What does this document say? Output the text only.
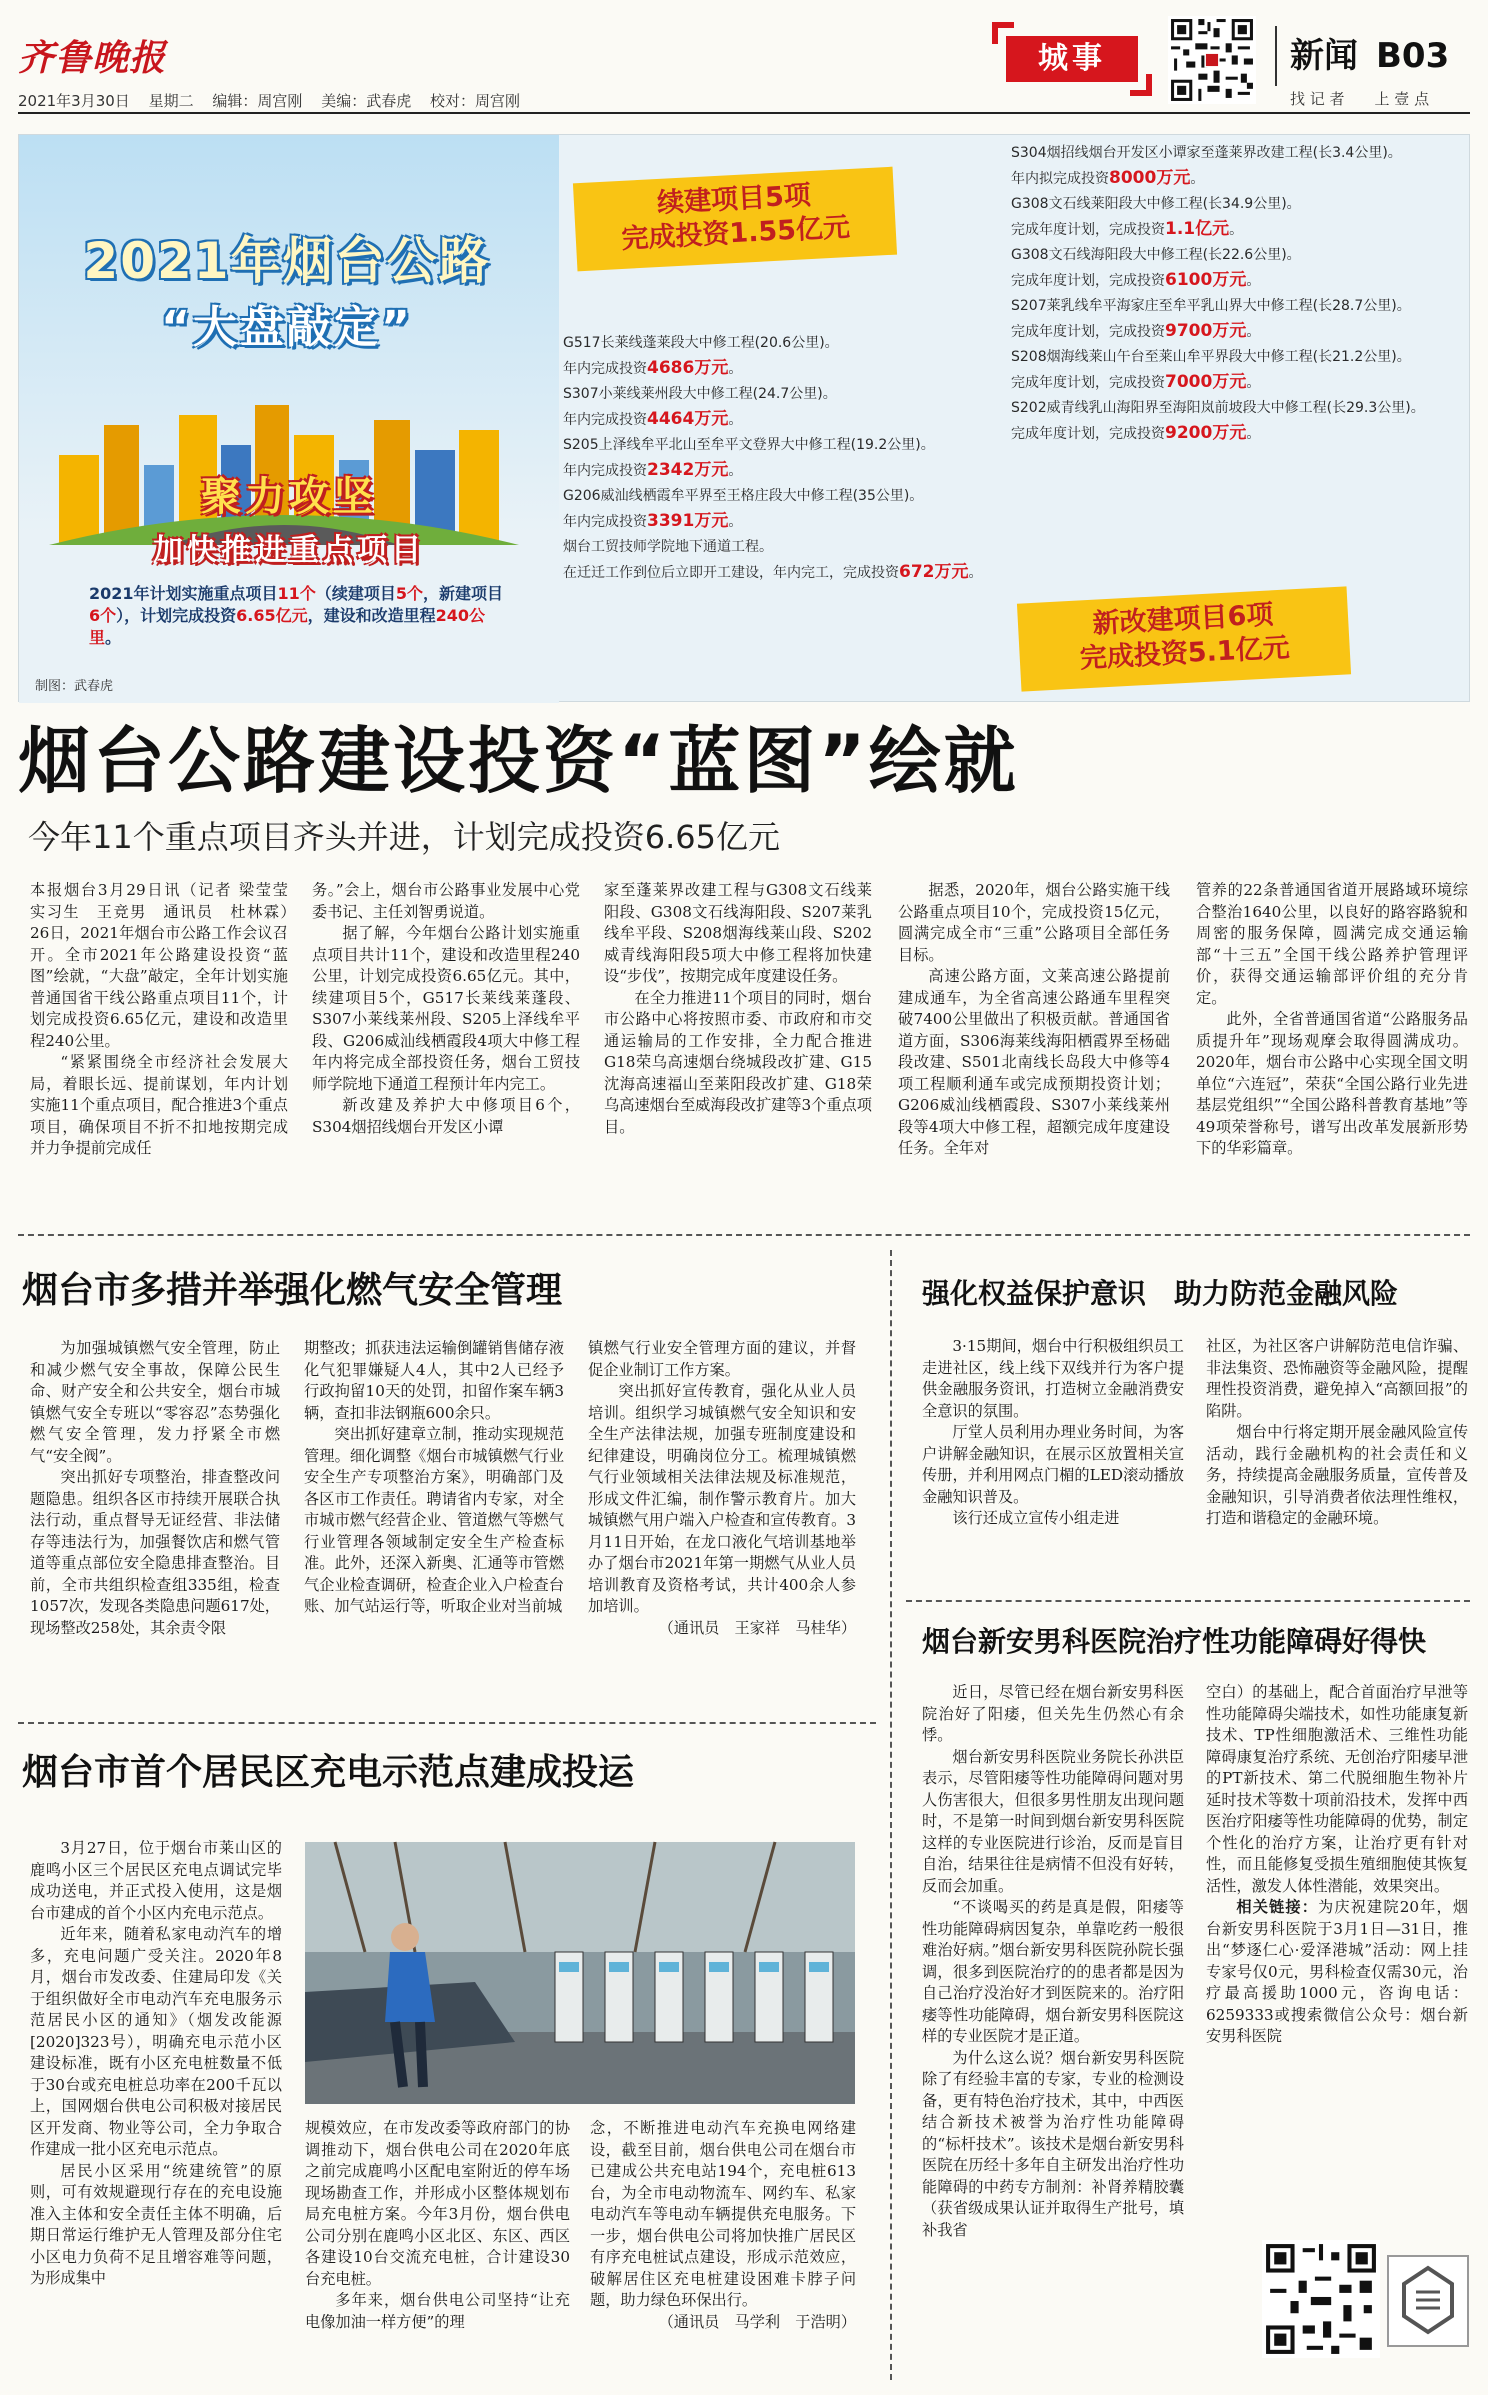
齐鲁晚报
2021年3月30日 星期二 编辑：周宫刚 美编：武春虎 校对：周宫刚
城事	新闻 B03
找 记 者　　上 壹 点
2021年烟台公路
“大盘敲定”
聚力攻坚
加快推进重点项目
2021年计划实施重点项目11个（续建项目5个，新建项目6个），计划完成投资6.65亿元，建设和改造里程240公里。
制图：武春虎
续建项目5项
完成投资1.55亿元
新改建项目6项
完成投资5.1亿元
G517长莱线蓬莱段大中修工程(20.6公里)。
年内完成投资4686万元。
S307小莱线莱州段大中修工程(24.7公里)。
年内完成投资4464万元。
S205上泽线牟平北山至牟平文登界大中修工程(19.2公里)。
年内完成投资2342万元。
G206威汕线栖霞牟平界至王格庄段大中修工程(35公里)。
年内完成投资3391万元。
烟台工贸技师学院地下通道工程。
在迁迁工作到位后立即开工建设，年内完工，完成投资672万元。
S304烟招线烟台开发区小谭家至蓬莱界改建工程(长3.4公里)。
年内拟完成投资8000万元。
G308文石线莱阳段大中修工程(长34.9公里)。
完成年度计划，完成投资1.1亿元。
G308文石线海阳段大中修工程(长22.6公里)。
完成年度计划，完成投资6100万元。
S207莱乳线牟平海家庄至牟平乳山界大中修工程(长28.7公里)。
完成年度计划，完成投资9700万元。
S208烟海线莱山午台至莱山牟平界段大中修工程(长21.2公里)。
完成年度计划，完成投资7000万元。
S202威青线乳山海阳界至海阳岚前坡段大中修工程(长29.3公里)。
完成年度计划，完成投资9200万元。
烟台公路建设投资“蓝图”绘就
今年11个重点项目齐头并进，计划完成投资6.65亿元

本报烟台3月29日讯（记者 梁莹莹　实习生　王竞男　通讯员　杜林霖）　26日，2021年烟台市公路工作会议召开。全市2021年公路建设投资“蓝图”绘就，“大盘”敲定，全年计划实施普通国省干线公路重点项目11个，计划完成投资6.65亿元，建设和改造里程240公里。

“紧紧围绕全市经济社会发展大局，着眼长远、提前谋划，年内计划实施11个重点项目，配合推进3个重点项目，确保项目不折不扣地按期完成并力争提前完成任

务。”会上，烟台市公路事业发展中心党委书记、主任刘智勇说道。

据了解，今年烟台公路计划实施重点项目共计11个，建设和改造里程240公里，计划完成投资6.65亿元。其中，续建项目5个，G517长莱线莱蓬段、S307小莱线莱州段、S205上泽线牟平段、G206威汕线栖霞段4项大中修工程年内将完成全部投资任务，烟台工贸技师学院地下通道工程预计年内完工。

新改建及养护大中修项目6个，S304烟招线烟台开发区小谭

家至蓬莱界改建工程与G308文石线莱阳段、G308文石线海阳段、S207莱乳线牟平段、S208烟海线莱山段、S202威青线海阳段5项大中修工程将加快建设“步伐”，按期完成年度建设任务。

在全力推进11个项目的同时，烟台市公路中心将按照市委、市政府和市交通运输局的工作安排，全力配合推进G18荣乌高速烟台绕城段改扩建、G15沈海高速福山至莱阳段改扩建、G18荣乌高速烟台至威海段改扩建等3个重点项目。

据悉，2020年，烟台公路实施干线公路重点项目10个，完成投资15亿元，圆满完成全市“三重”公路项目全部任务目标。

高速公路方面，文莱高速公路提前建成通车，为全省高速公路通车里程突破7400公里做出了积极贡献。普通国省道方面，S306海莱线海阳栖霞界至杨础段改建、S501北南线长岛段大中修等4项工程顺利通车或完成预期投资计划；G206威汕线栖霞段、S307小莱线莱州段等4项大中修工程，超额完成年度建设任务。全年对

管养的22条普通国省道开展路域环境综合整治1640公里，以良好的路容路貌和周密的服务保障，圆满完成交通运输部“十三五”全国干线公路养护管理评价，获得交通运输部评价组的充分肯定。

此外，全省普通国省道“公路服务品质提升年”现场观摩会取得圆满成功。2020年，烟台市公路中心实现全国文明单位“六连冠”，荣获“全国公路行业先进基层党组织”“全国公路科普教育基地”等49项荣誉称号，谱写出改革发展新形势下的华彩篇章。

烟台市多措并举强化燃气安全管理

为加强城镇燃气安全管理，防止和减少燃气安全事故，保障公民生命、财产安全和公共安全，烟台市城镇燃气安全专班以“零容忍”态势强化燃气安全管理，发力抒紧全市燃气“安全阀”。

突出抓好专项整治，排查整改问题隐患。组织各区市持续开展联合执法行动，重点督导无证经营、非法储存等违法行为，加强餐饮店和燃气管道等重点部位安全隐患排查整治。目前，全市共组织检查组335组，检查1057次，发现各类隐患问题617处，现场整改258处，其余责令限

期整改；抓获违法运输倒罐销售储存液化气犯罪嫌疑人4人，其中2人已经予行政拘留10天的处罚，扣留作案车辆3辆，查扣非法钢瓶600余只。

突出抓好建章立制，推动实现规范管理。细化调整《烟台市城镇燃气行业安全生产专项整治方案》，明确部门及各区市工作责任。聘请省内专家，对全市城市燃气经营企业、管道燃气等燃气行业管理各领域制定安全生产检查标准。此外，还深入新奥、汇通等市管燃气企业检查调研，检查企业入户检查台账、加气站运行等，听取企业对当前城

镇燃气行业安全管理方面的建议，并督促企业制订工作方案。

突出抓好宣传教育，强化从业人员培训。组织学习城镇燃气安全知识和安全生产法律法规，加强专班制度建设和纪律建设，明确岗位分工。梳理城镇燃气行业领域相关法律法规及标准规范，形成文件汇编，制作警示教育片。加大城镇燃气用户端入户检查和宣传教育。3月11日开始，在龙口液化气培训基地举办了烟台市2021年第一期燃气从业人员培训教育及资格考试，共计400余人参加培训。

（通讯员　王家祥　马桂华）

强化权益保护意识　助力防范金融风险

3·15期间，烟台中行积极组织员工走进社区，线上线下双线并行为客户提供金融服务资讯，打造树立金融消费安全意识的氛围。

厅堂人员利用办理业务时间，为客户讲解金融知识，在展示区放置相关宣传册，并利用网点门楣的LED滚动播放金融知识普及。

该行还成立宣传小组走进

社区，为社区客户讲解防范电信诈骗、非法集资、恐怖融资等金融风险，提醒理性投资消费，避免掉入“高额回报”的陷阱。

烟台中行将定期开展金融风险宣传活动，践行金融机构的社会责任和义务，持续提高金融服务质量，宣传普及金融知识，引导消费者依法理性维权，打造和谐稳定的金融环境。

烟台新安男科医院治疗性功能障碍好得快

近日，尽管已经在烟台新安男科医院治好了阳痿，但关先生仍然心有余悸。

烟台新安男科医院业务院长孙洪臣表示，尽管阳痿等性功能障碍问题对男人伤害很大，但很多男性朋友出现问题时，不是第一时间到烟台新安男科医院这样的专业医院进行诊治，反而是盲目自治，结果往往是病情不但没有好转，反而会加重。

“不谈喝买的药是真是假，阳痿等性功能障碍病因复杂，单靠吃药一般很难治好病。”烟台新安男科医院孙院长强调，很多到医院治疗的的患者都是因为自己治疗没治好才到医院来的。治疗阳痿等性功能障碍，烟台新安男科医院这样的专业医院才是正道。

为什么这么说？烟台新安男科医院除了有经验丰富的专家，专业的检测设备，更有特色治疗技术，其中，中西医结合新技术被誉为治疗性功能障碍的“标杆技术”。该技术是烟台新安男科医院在历经十多年自主研发出治疗性功能障碍的中药专方制剂：补肾养精胶囊（获省级成果认证并取得生产批号，填补我省

空白）的基础上，配合首面治疗早泄等性功能障碍尖端技术，如性功能康复新技术、TP性细胞激活术、三维性功能障碍康复治疗系统、无创治疗阳痿早泄的PT新技术、第二代脱细胞生物补片延时技术等数十项前沿技术，发挥中西医治疗阳痿等性功能障碍的优势，制定个性化的治疗方案，让治疗更有针对性，而且能修复受损生殖细胞使其恢复活性，激发人体性潜能，效果突出。

相关链接：为庆祝建院20年，烟台新安男科医院于3月1日—31日，推出“梦逐仁心·爱泽港城”活动：网上挂专家号仅0元，男科检查仅需30元，治疗最高援助1000元，咨询电话：6259333或搜索微信公众号：烟台新安男科医院

烟台市首个居民区充电示范点建成投运

3月27日，位于烟台市莱山区的鹿鸣小区三个居民区充电点调试完毕成功送电，并正式投入使用，这是烟台市建成的首个小区内充电示范点。

近年来，随着私家电动汽车的增多，充电问题广受关注。2020年8月，烟台市发改委、住建局印发《关于组织做好全市电动汽车充电服务示范居民小区的通知》（烟发改能源[2020]323号），明确充电示范小区建设标准，既有小区充电桩数量不低于30台或充电桩总功率在200千瓦以上，国网烟台供电公司积极对接居民区开发商、物业等公司，全力争取合作建成一批小区充电示范点。

居民小区采用“统建统管”的原则，可有效规避现行存在的充电设施准入主体和安全责任主体不明确，后期日常运行维护无人管理及部分住宅小区电力负荷不足且增容难等问题，为形成集中

规模效应，在市发改委等政府部门的协调推动下，烟台供电公司在2020年底之前完成鹿鸣小区配电室附近的停车场现场勘查工作，并形成小区整体规划布局充电桩方案。今年3月份，烟台供电公司分别在鹿鸣小区北区、东区、西区各建设10台交流充电桩，合计建设30台充电桩。

多年来，烟台供电公司坚持“让充电像加油一样方便”的理

念，不断推进电动汽车充换电网络建设，截至目前，烟台供电公司在烟台市已建成公共充电站194个，充电桩613台，为全市电动物流车、网约车、私家电动汽车等电动车辆提供充电服务。下一步，烟台供电公司将加快推广居民区有序充电桩试点建设，形成示范效应，破解居住区充电桩建设困难卡脖子问题，助力绿色环保出行。

（通讯员　马学利　于浩明）
